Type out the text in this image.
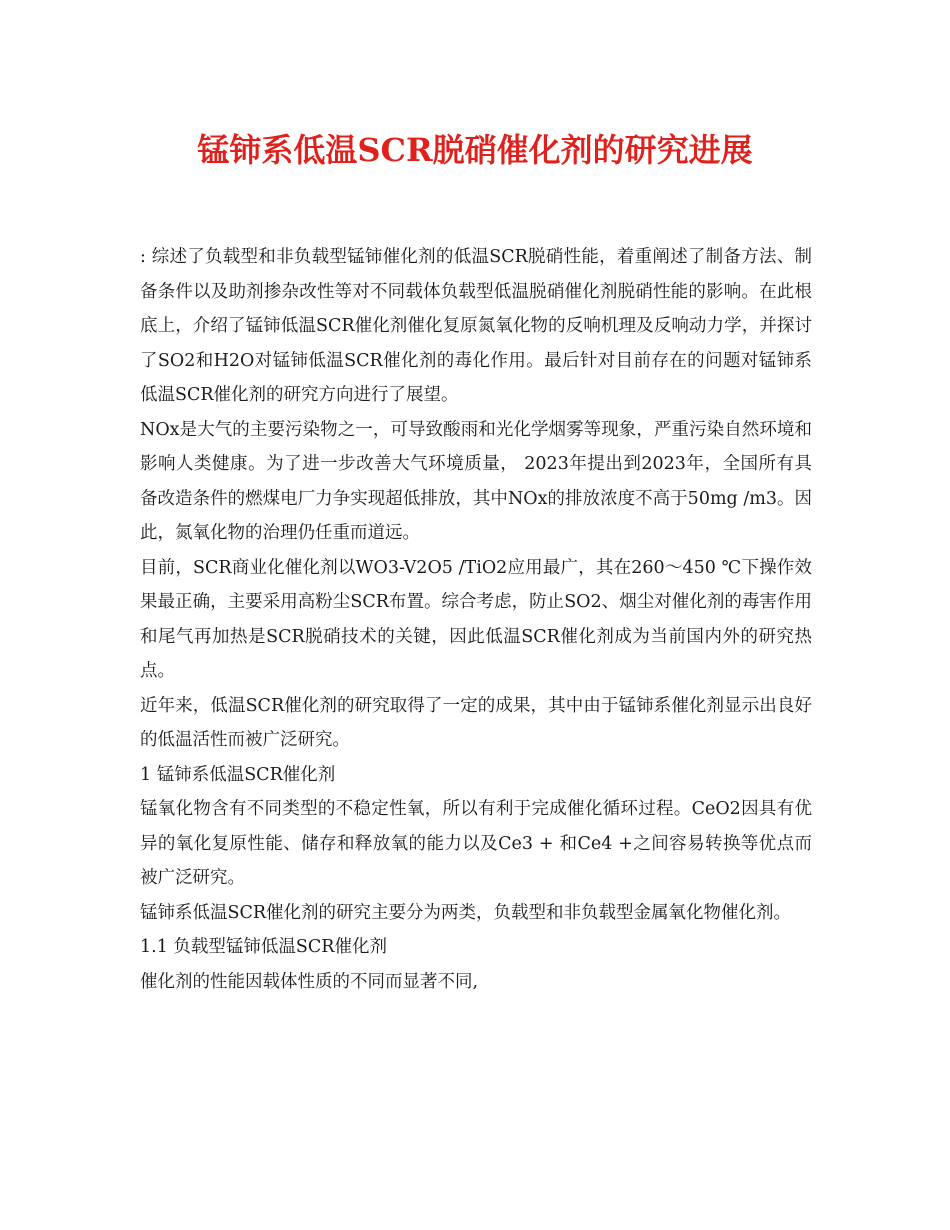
锰铈系低温SCR脱硝催化剂的研究进展

: 综述了负载型和非负载型锰铈催化剂的低温SCR脱硝性能，着重阐述了制备方法、制备条件以及助剂掺杂改性等对不同载体负载型低温脱硝催化剂脱硝性能的影响。在此根底上，介绍了锰铈低温SCR催化剂催化复原氮氧化物的反响机理及反响动力学，并探讨了SO2和H2O对锰铈低温SCR催化剂的毒化作用。最后针对目前存在的问题对锰铈系低温SCR催化剂的研究方向进行了展望。

NOx是大气的主要污染物之一，可导致酸雨和光化学烟雾等现象，严重污染自然环境和影响人类健康。为了进一步改善大气环境质量， 2023年提出到2023年，全国所有具备改造条件的燃煤电厂力争实现超低排放，其中NOx的排放浓度不高于50mg /m3。因此，氮氧化物的治理仍任重而道远。

目前，SCR商业化催化剂以WO3-V2O5 /TiO2应用最广，其在260～450 ℃下操作效果最正确，主要采用高粉尘SCR布置。综合考虑，防止SO2、烟尘对催化剂的毒害作用和尾气再加热是SCR脱硝技术的关键，因此低温SCR催化剂成为当前国内外的研究热点。

近年来，低温SCR催化剂的研究取得了一定的成果，其中由于锰铈系催化剂显示出良好的低温活性而被广泛研究。

1 锰铈系低温SCR催化剂

锰氧化物含有不同类型的不稳定性氧，所以有利于完成催化循环过程。CeO2因具有优异的氧化复原性能、储存和释放氧的能力以及Ce3 + 和Ce4 +之间容易转换等优点而被广泛研究。

锰铈系低温SCR催化剂的研究主要分为两类，负载型和非负载型金属氧化物催化剂。

1.1 负载型锰铈低温SCR催化剂

催化剂的性能因载体性质的不同而显著不同,
